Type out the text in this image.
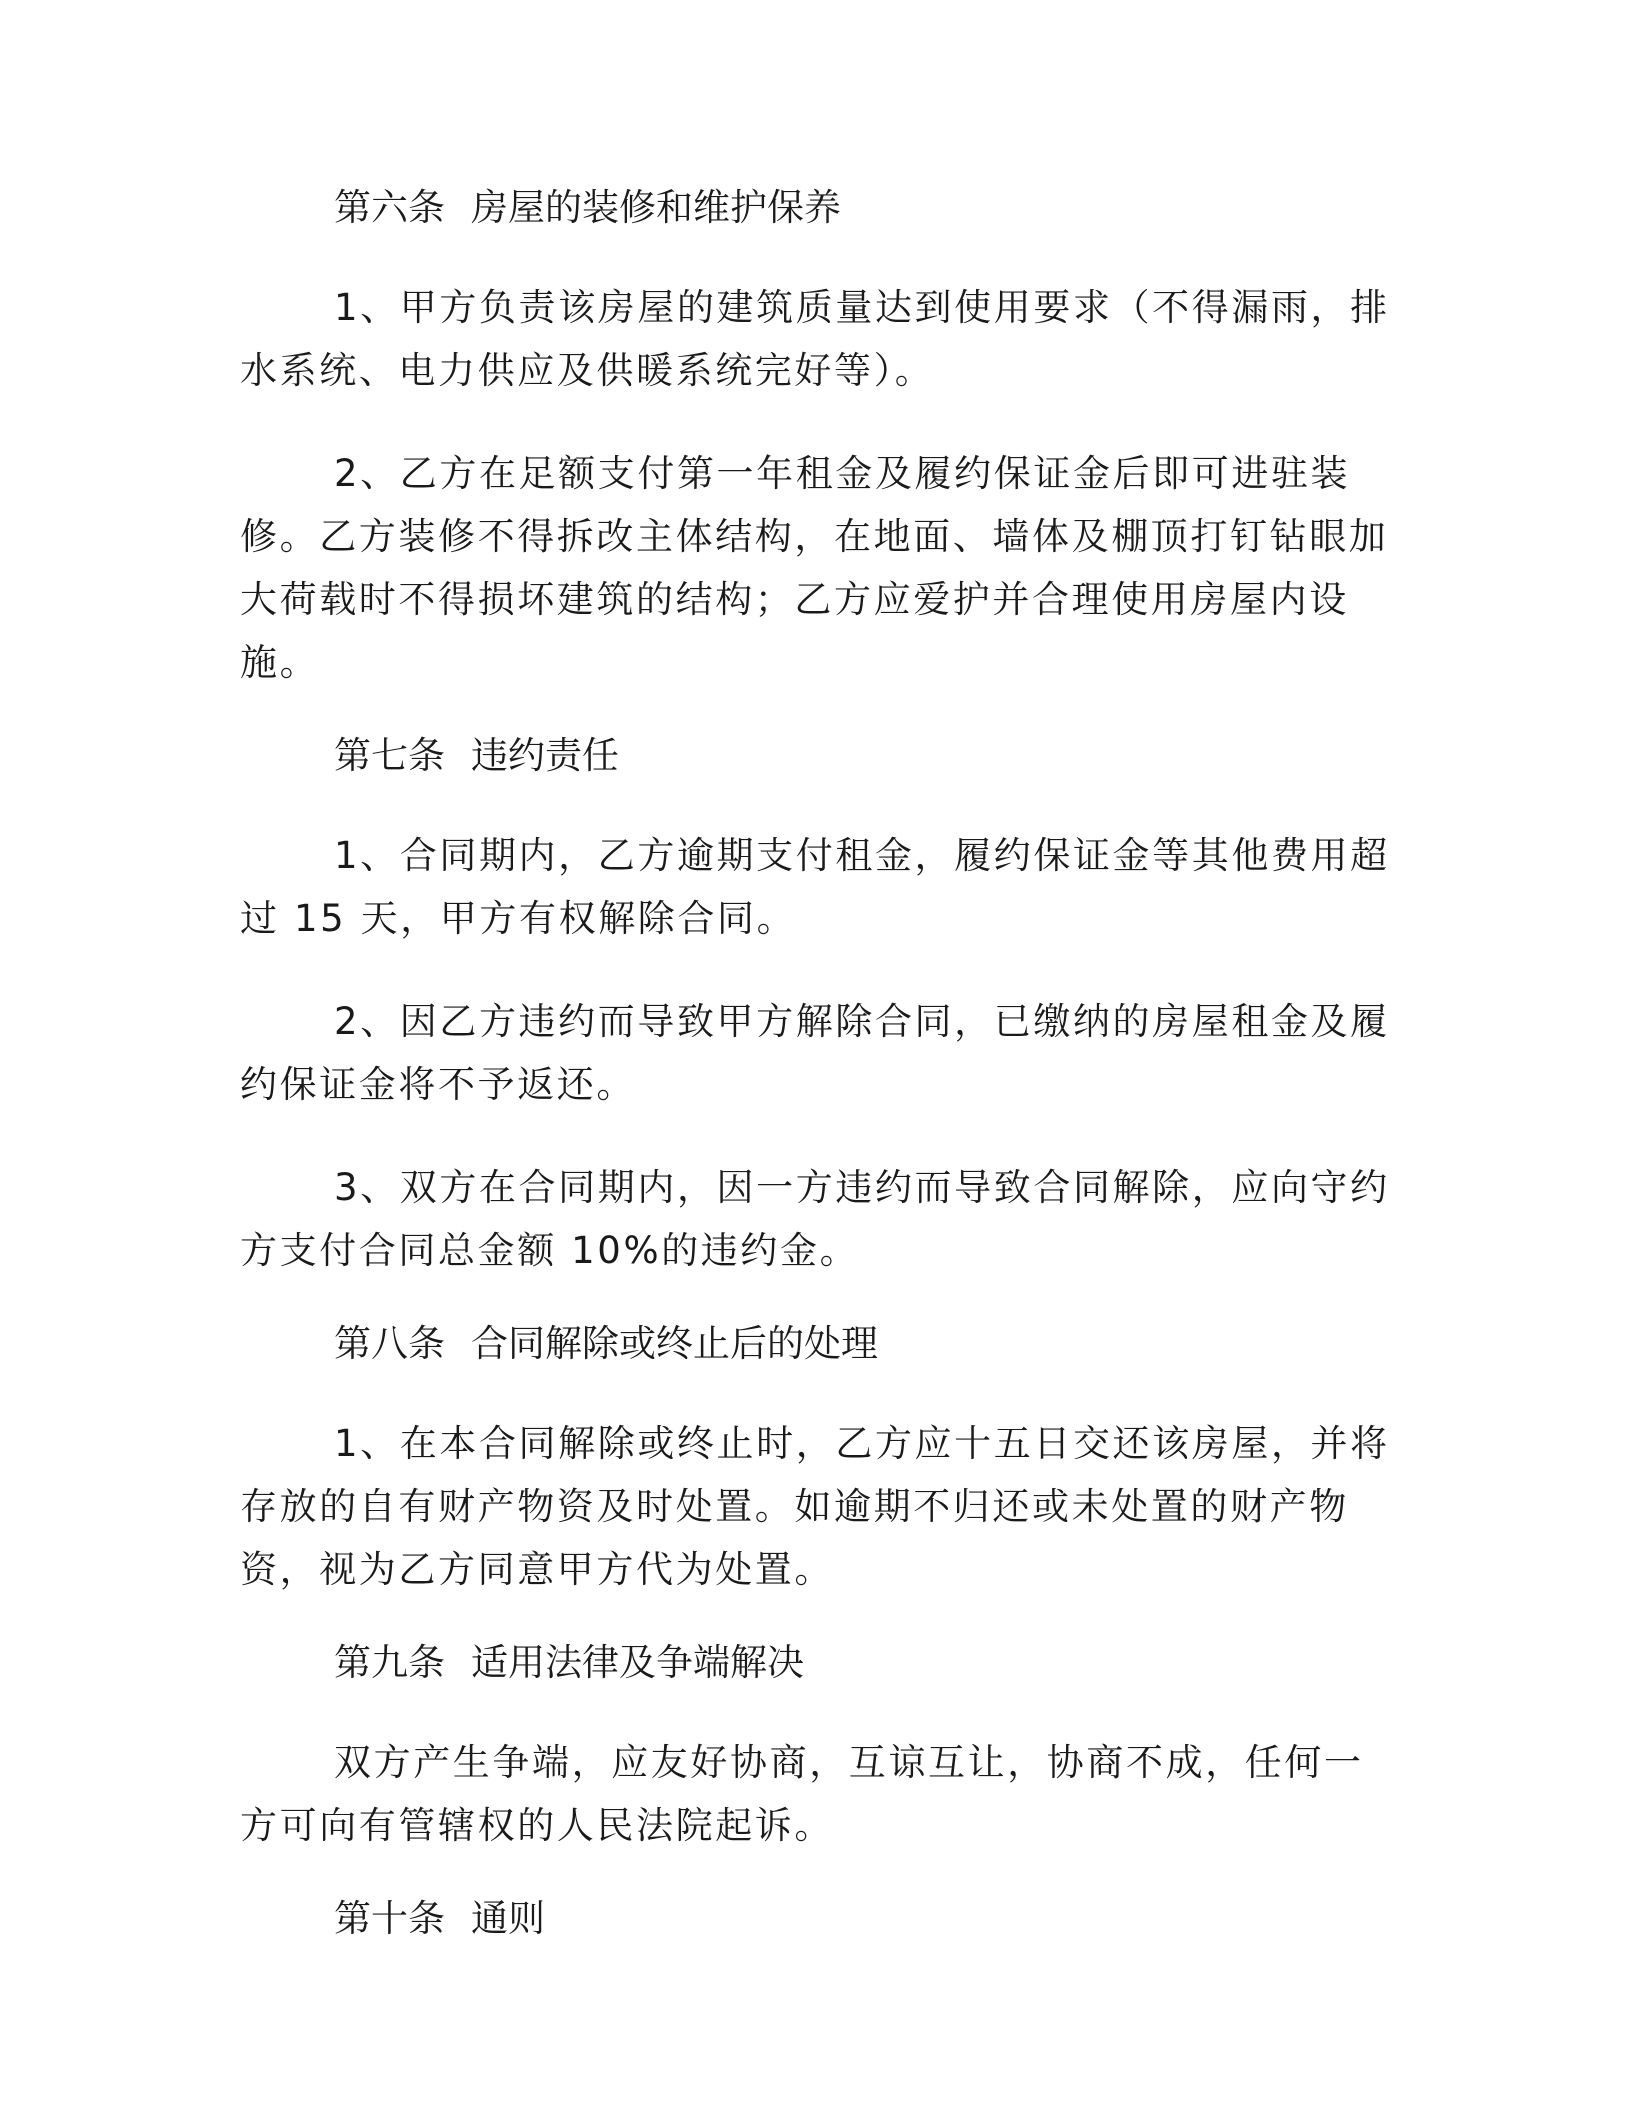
第六条 房屋的装修和维护保养

1、甲方负责该房屋的建筑质量达到使用要求（不得漏雨，排水系统、电力供应及供暖系统完好等）。

2、乙方在足额支付第一年租金及履约保证金后即可进驻装修。乙方装修不得拆改主体结构，在地面、墙体及棚顶打钉钻眼加大荷载时不得损坏建筑的结构；乙方应爱护并合理使用房屋内设施。

第七条 违约责任

1、合同期内，乙方逾期支付租金，履约保证金等其他费用超过 15 天，甲方有权解除合同。

2、因乙方违约而导致甲方解除合同，已缴纳的房屋租金及履约保证金将不予返还。

3、双方在合同期内，因一方违约而导致合同解除，应向守约方支付合同总金额 10%的违约金。

第八条 合同解除或终止后的处理

1、在本合同解除或终止时，乙方应十五日交还该房屋，并将存放的自有财产物资及时处置。如逾期不归还或未处置的财产物资，视为乙方同意甲方代为处置。

第九条 适用法律及争端解决

双方产生争端，应友好协商，互谅互让，协商不成，任何一方可向有管辖权的人民法院起诉。

第十条 通则
